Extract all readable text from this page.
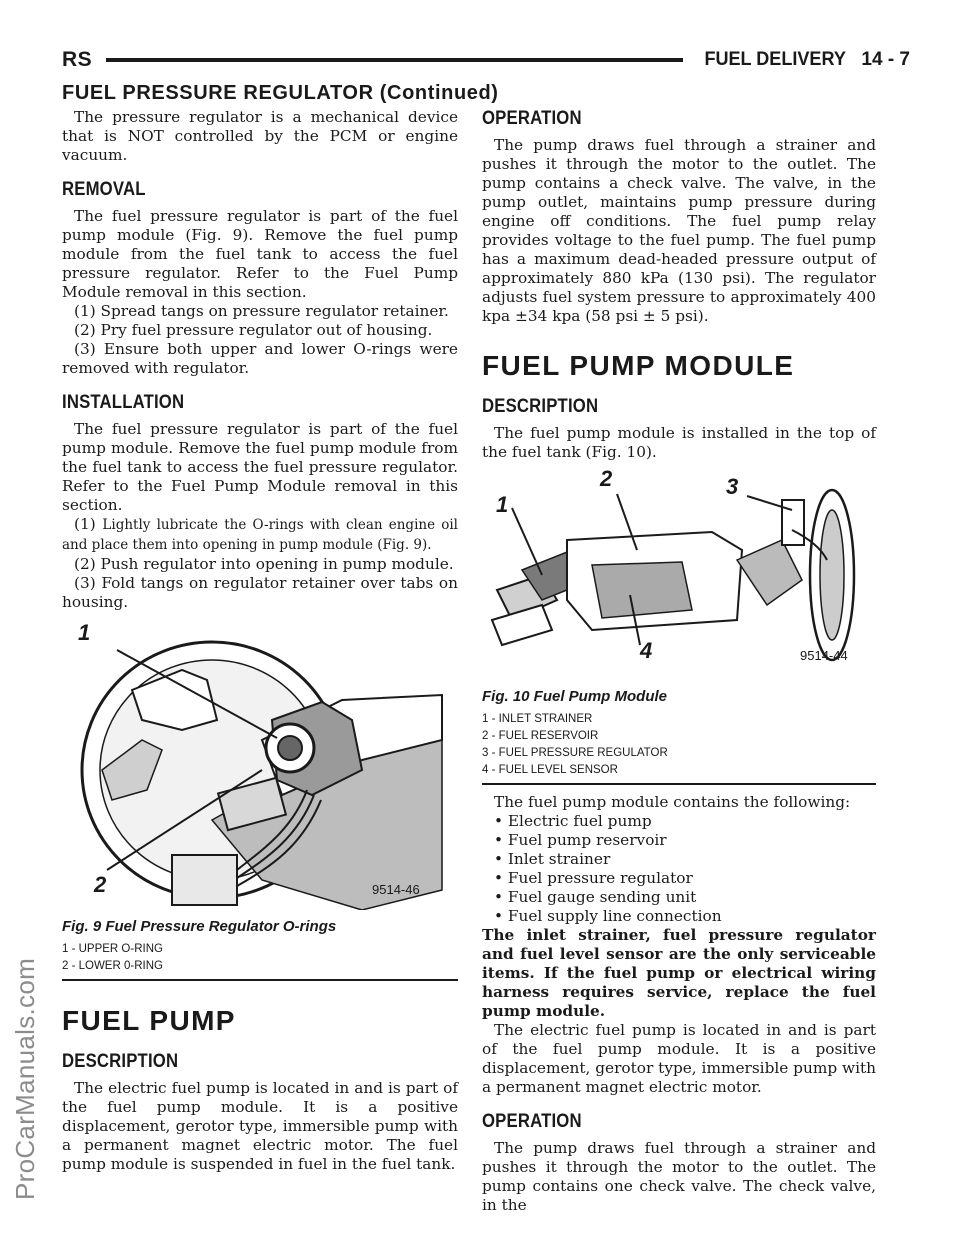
RS	FUEL DELIVERY 14 - 7
FUEL PRESSURE REGULATOR (Continued)
ProCarManuals.com

The pressure regulator is a mechanical device that is NOT controlled by the PCM or engine vacuum.

REMOVAL

The fuel pressure regulator is part of the fuel pump module (Fig. 9). Remove the fuel pump module from the fuel tank to access the fuel pressure regulator. Refer to the Fuel Pump Module removal in this section.

(1) Spread tangs on pressure regulator retainer.

(2) Pry fuel pressure regulator out of housing.

(3) Ensure both upper and lower O-rings were removed with regulator.

INSTALLATION

The fuel pressure regulator is part of the fuel pump module. Remove the fuel pump module from the fuel tank to access the fuel pressure regulator. Refer to the Fuel Pump Module removal in this section.

(1) Lightly lubricate the O-rings with clean engine oil and place them into opening in pump module (Fig. 9).

(2) Push regulator into opening in pump module.

(3) Fold tangs on regulator retainer over tabs on housing.

1
2	9514-46
Fig. 9 Fuel Pressure Regulator O-rings
1 - UPPER O-RING
2 - LOWER 0-RING
FUEL PUMP
DESCRIPTION

The electric fuel pump is located in and is part of the fuel pump module. It is a positive displacement, gerotor type, immersible pump with a permanent magnet electric motor. The fuel pump module is suspended in fuel in the fuel tank.

OPERATION

The pump draws fuel through a strainer and pushes it through the motor to the outlet. The pump contains a check valve. The valve, in the pump outlet, maintains pump pressure during engine off conditions. The fuel pump relay provides voltage to the fuel pump. The fuel pump has a maximum dead-headed pressure output of approximately 880 kPa (130 psi). The regulator adjusts fuel system pressure to approximately 400 kpa ±34 kpa (58 psi ± 5 psi).

FUEL PUMP MODULE
DESCRIPTION

The fuel pump module is installed in the top of the fuel tank (Fig. 10).

1
2	3
4	9514-44
Fig. 10 Fuel Pump Module
1 - INLET STRAINER
2 - FUEL RESERVOIR
3 - FUEL PRESSURE REGULATOR
4 - FUEL LEVEL SENSOR

The fuel pump module contains the following:

• Electric fuel pump
• Fuel pump reservoir
• Inlet strainer
• Fuel pressure regulator
• Fuel gauge sending unit
• Fuel supply line connection

The inlet strainer, fuel pressure regulator and fuel level sensor are the only serviceable items. If the fuel pump or electrical wiring harness requires service, replace the fuel pump module.

The electric fuel pump is located in and is part of the fuel pump module. It is a positive displacement, gerotor type, immersible pump with a permanent magnet electric motor.

OPERATION

The pump draws fuel through a strainer and pushes it through the motor to the outlet. The pump contains one check valve. The check valve, in the
